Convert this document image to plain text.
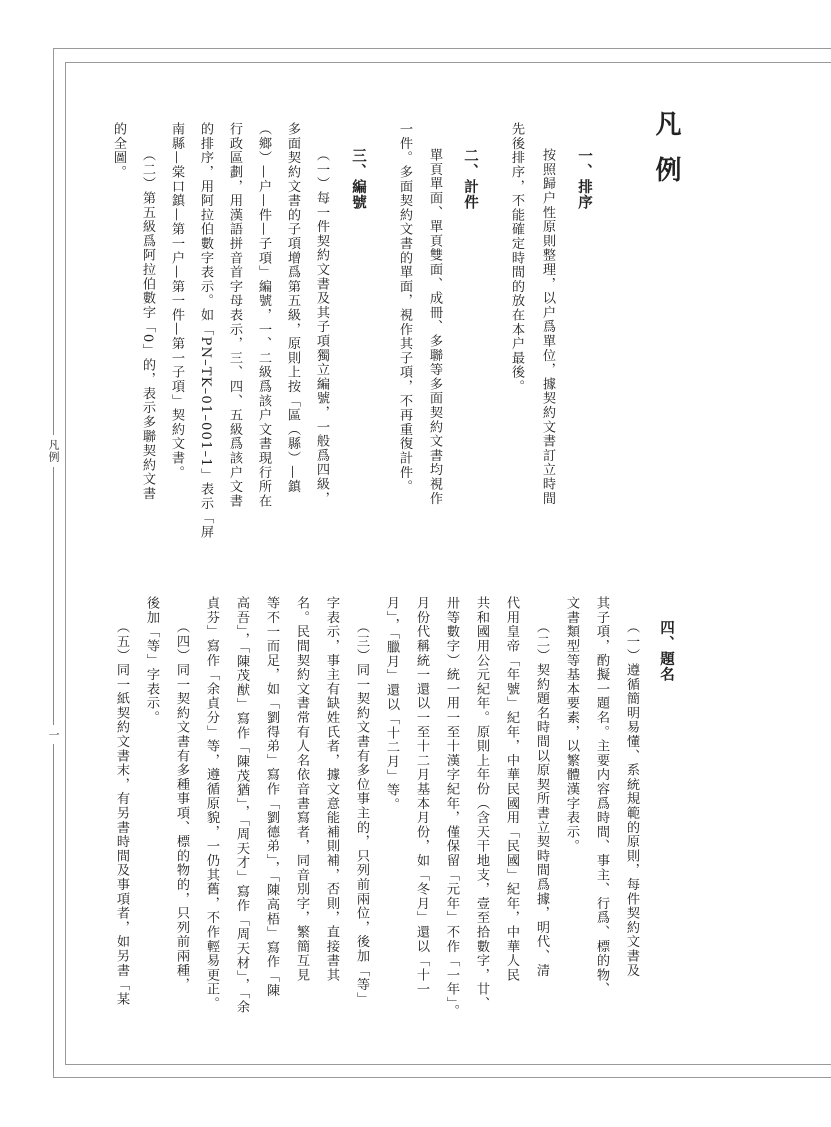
凡例
一
凡例
一、排序
按照歸户性原則整理，以户爲單位，據契約文書訂立時間
先後排序，不能確定時間的放在本户最後。
二、計件
單頁單面、單頁雙面、成冊、多聯等多面契約文書均視作
一件。多面契約文書的單面，視作其子項，不再重復計件。
三、編號
（一）每一件契約文書及其子項獨立編號，一般爲四級，
多面契約文書的子項增爲第五級，原則上按「區（縣）—鎮
（鄉）—户—件—子項」編號，一、二級爲該户文書現行所在
行政區劃，用漢語拼音首字母表示，三、四、五級爲該户文書
的排序，用阿拉伯數字表示。如「PN–TK–01–001–1」表示「屏
南縣—棠口鎮—第一户—第一件—第一子項」契約文書。
（二）第五級爲阿拉伯數字「0」的，表示多聯契約文書
的全圖。
四、題名
（一）遵循簡明易懂、系統規範的原則，每件契約文書及
其子項，酌擬一題名。主要内容爲時間、事主、行爲、標的物、
文書類型等基本要素，以繁體漢字表示。
（二）契約題名時間以原契所書立契時間爲據，明代、清
代用皇帝「年號」紀年，中華民國用「民國」紀年，中華人民
共和國用公元紀年。原則上年份（含天干地支，壹至拾數字，廿、
卅等數字）統一用一至十漢字紀年，僅保留「元年」不作「一年」。
月份代稱統一還以一至十二月基本月份，如「冬月」還以「十一
月」，「臘月」還以「十二月」等。
（三）同一契約文書有多位事主的，只列前兩位，後加「等」
字表示，事主有缺姓氏者，據文意能補則補，否則，直接書其
名。民間契約文書常有人名依音書寫者，同音別字，繁簡互見
等不一而足，如「劉得弟」寫作「劉德弟」，「陳高梧」寫作「陳
高吾」，「陳茂猷」寫作「陳茂猶」，「周天才」寫作「周天材」，「余
貞芬」寫作「余貞分」等，遵循原貌，一仍其舊，不作輕易更正。
（四）同一契約文書有多種事項、標的物的，只列前兩種，
後加「等」字表示。
（五）同一紙契約文書末，有另書時間及事項者，如另書「某
